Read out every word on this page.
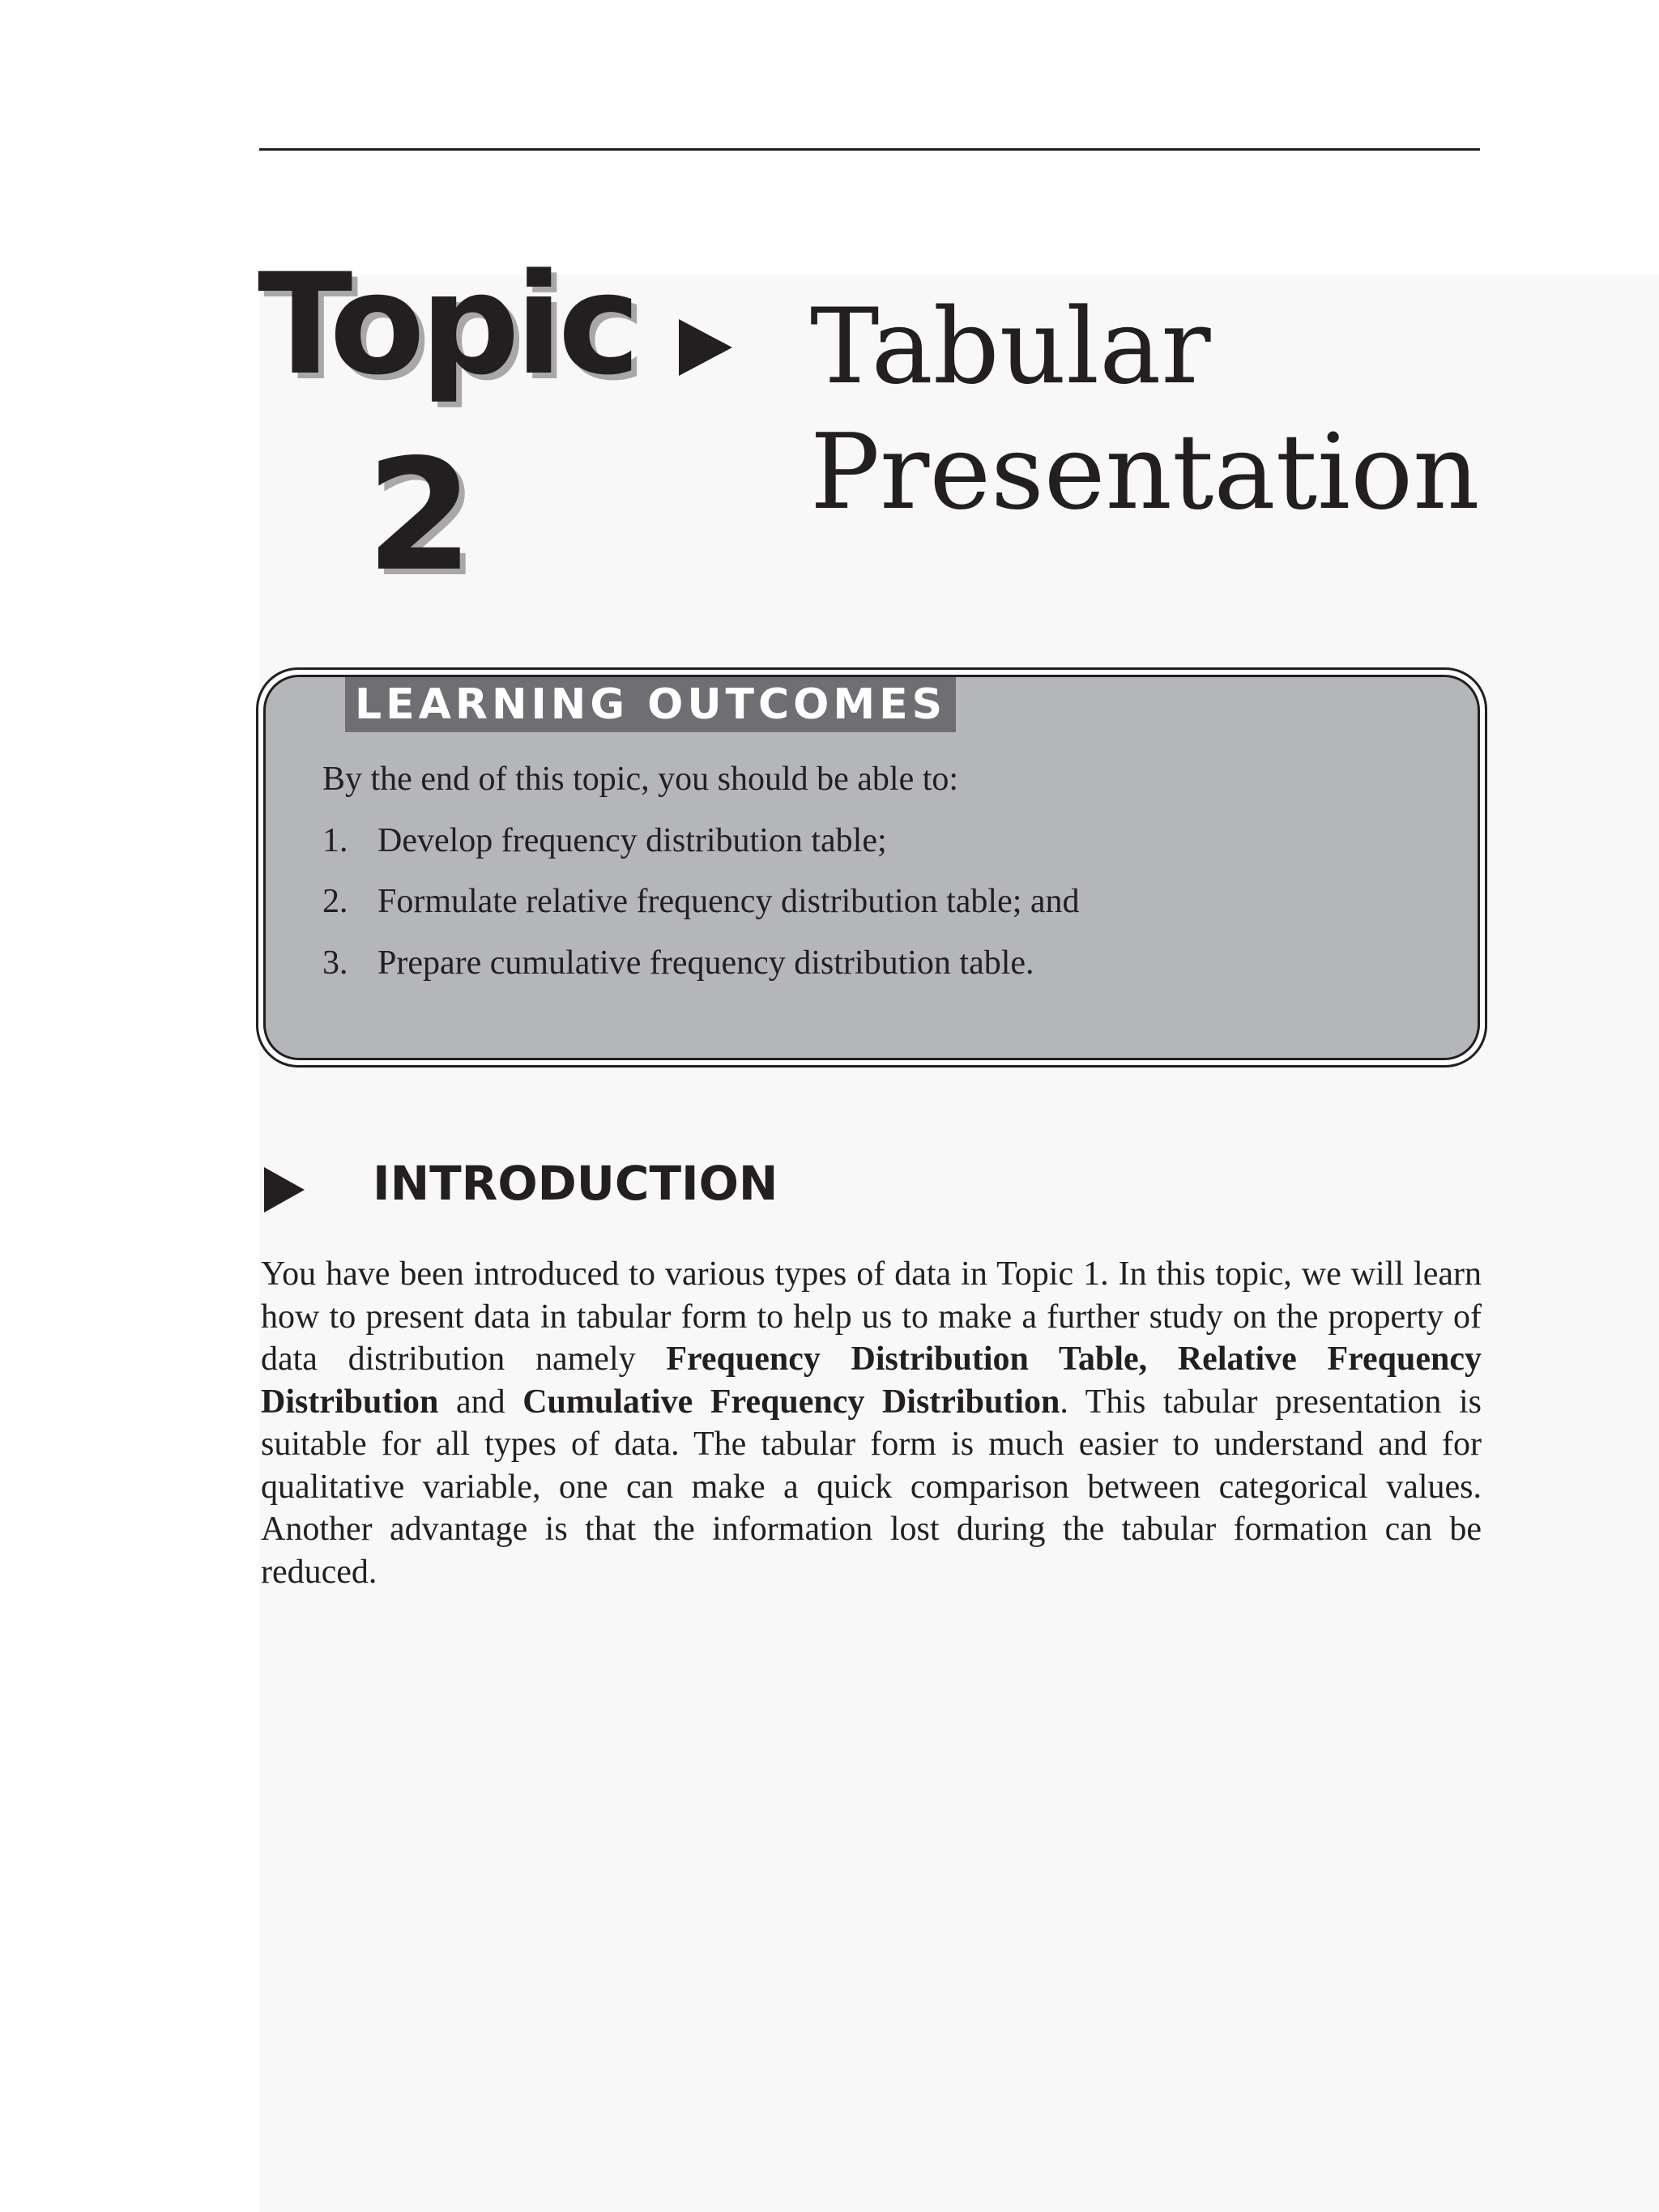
Topic
2
Tabular
Presentation
LEARNING OUTCOMES
By the end of this topic, you should be able to:
1. Develop frequency distribution table;
2. Formulate relative frequency distribution table; and
3. Prepare cumulative frequency distribution table.
INTRODUCTION

You have been introduced to various types of data in Topic 1. In this topic, we will learn how to present data in tabular form to help us to make a further study on the property of data distribution namely Frequency Distribution Table, Relative Frequency Distribution and Cumulative Frequency Distribution. This tabular presentation is suitable for all types of data. The tabular form is much easier to understand and for qualitative variable, one can make a quick comparison between categorical values. Another advantage is that the information lost during the tabular formation can be reduced.
